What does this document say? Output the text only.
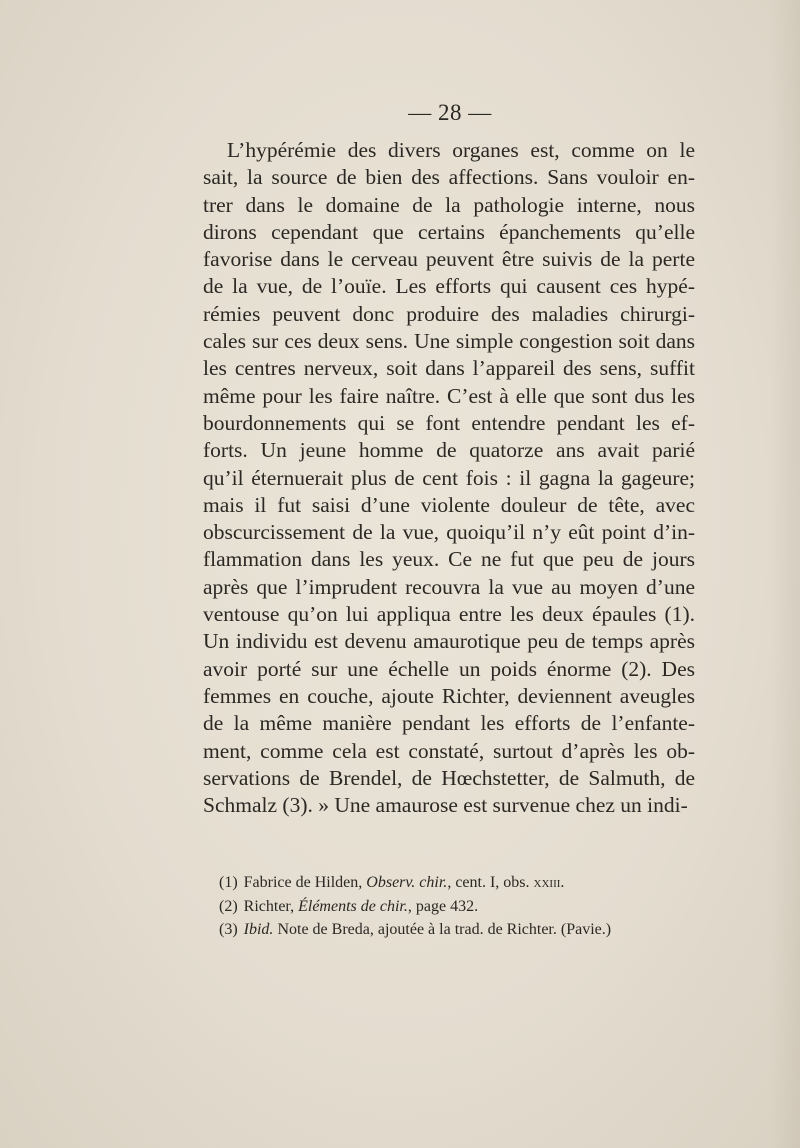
— 28 —
L’hypérémie des divers organes est, comme on le
sait, la source de bien des affections. Sans vouloir en-
trer dans le domaine de la pathologie interne, nous
dirons cependant que certains épanchements qu’elle
favorise dans le cerveau peuvent être suivis de la perte
de la vue, de l’ouïe. Les efforts qui causent ces hypé-
rémies peuvent donc produire des maladies chirurgi-
cales sur ces deux sens. Une simple congestion soit dans
les centres nerveux, soit dans l’appareil des sens, suffit
même pour les faire naître. C’est à elle que sont dus les
bourdonnements qui se font entendre pendant les ef-
forts. Un jeune homme de quatorze ans avait parié
qu’il éternuerait plus de cent fois : il gagna la gageure;
mais il fut saisi d’une violente douleur de tête, avec
obscurcissement de la vue, quoiqu’il n’y eût point d’in-
flammation dans les yeux. Ce ne fut que peu de jours
après que l’imprudent recouvra la vue au moyen d’une
ventouse qu’on lui appliqua entre les deux épaules (1).
Un individu est devenu amaurotique peu de temps après
avoir porté sur une échelle un poids énorme (2). Des
femmes en couche, ajoute Richter, deviennent aveugles
de la même manière pendant les efforts de l’enfante-
ment, comme cela est constaté, surtout d’après les ob-
servations de Brendel, de Hœchstetter, de Salmuth, de
Schmalz (3). » Une amaurose est survenue chez un indi-
(1) Fabrice de Hilden, Observ. chir., cent. I, obs. xxiii.
(2) Richter, Éléments de chir., page 432.
(3) Ibid. Note de Breda, ajoutée à la trad. de Richter. (Pavie.)
